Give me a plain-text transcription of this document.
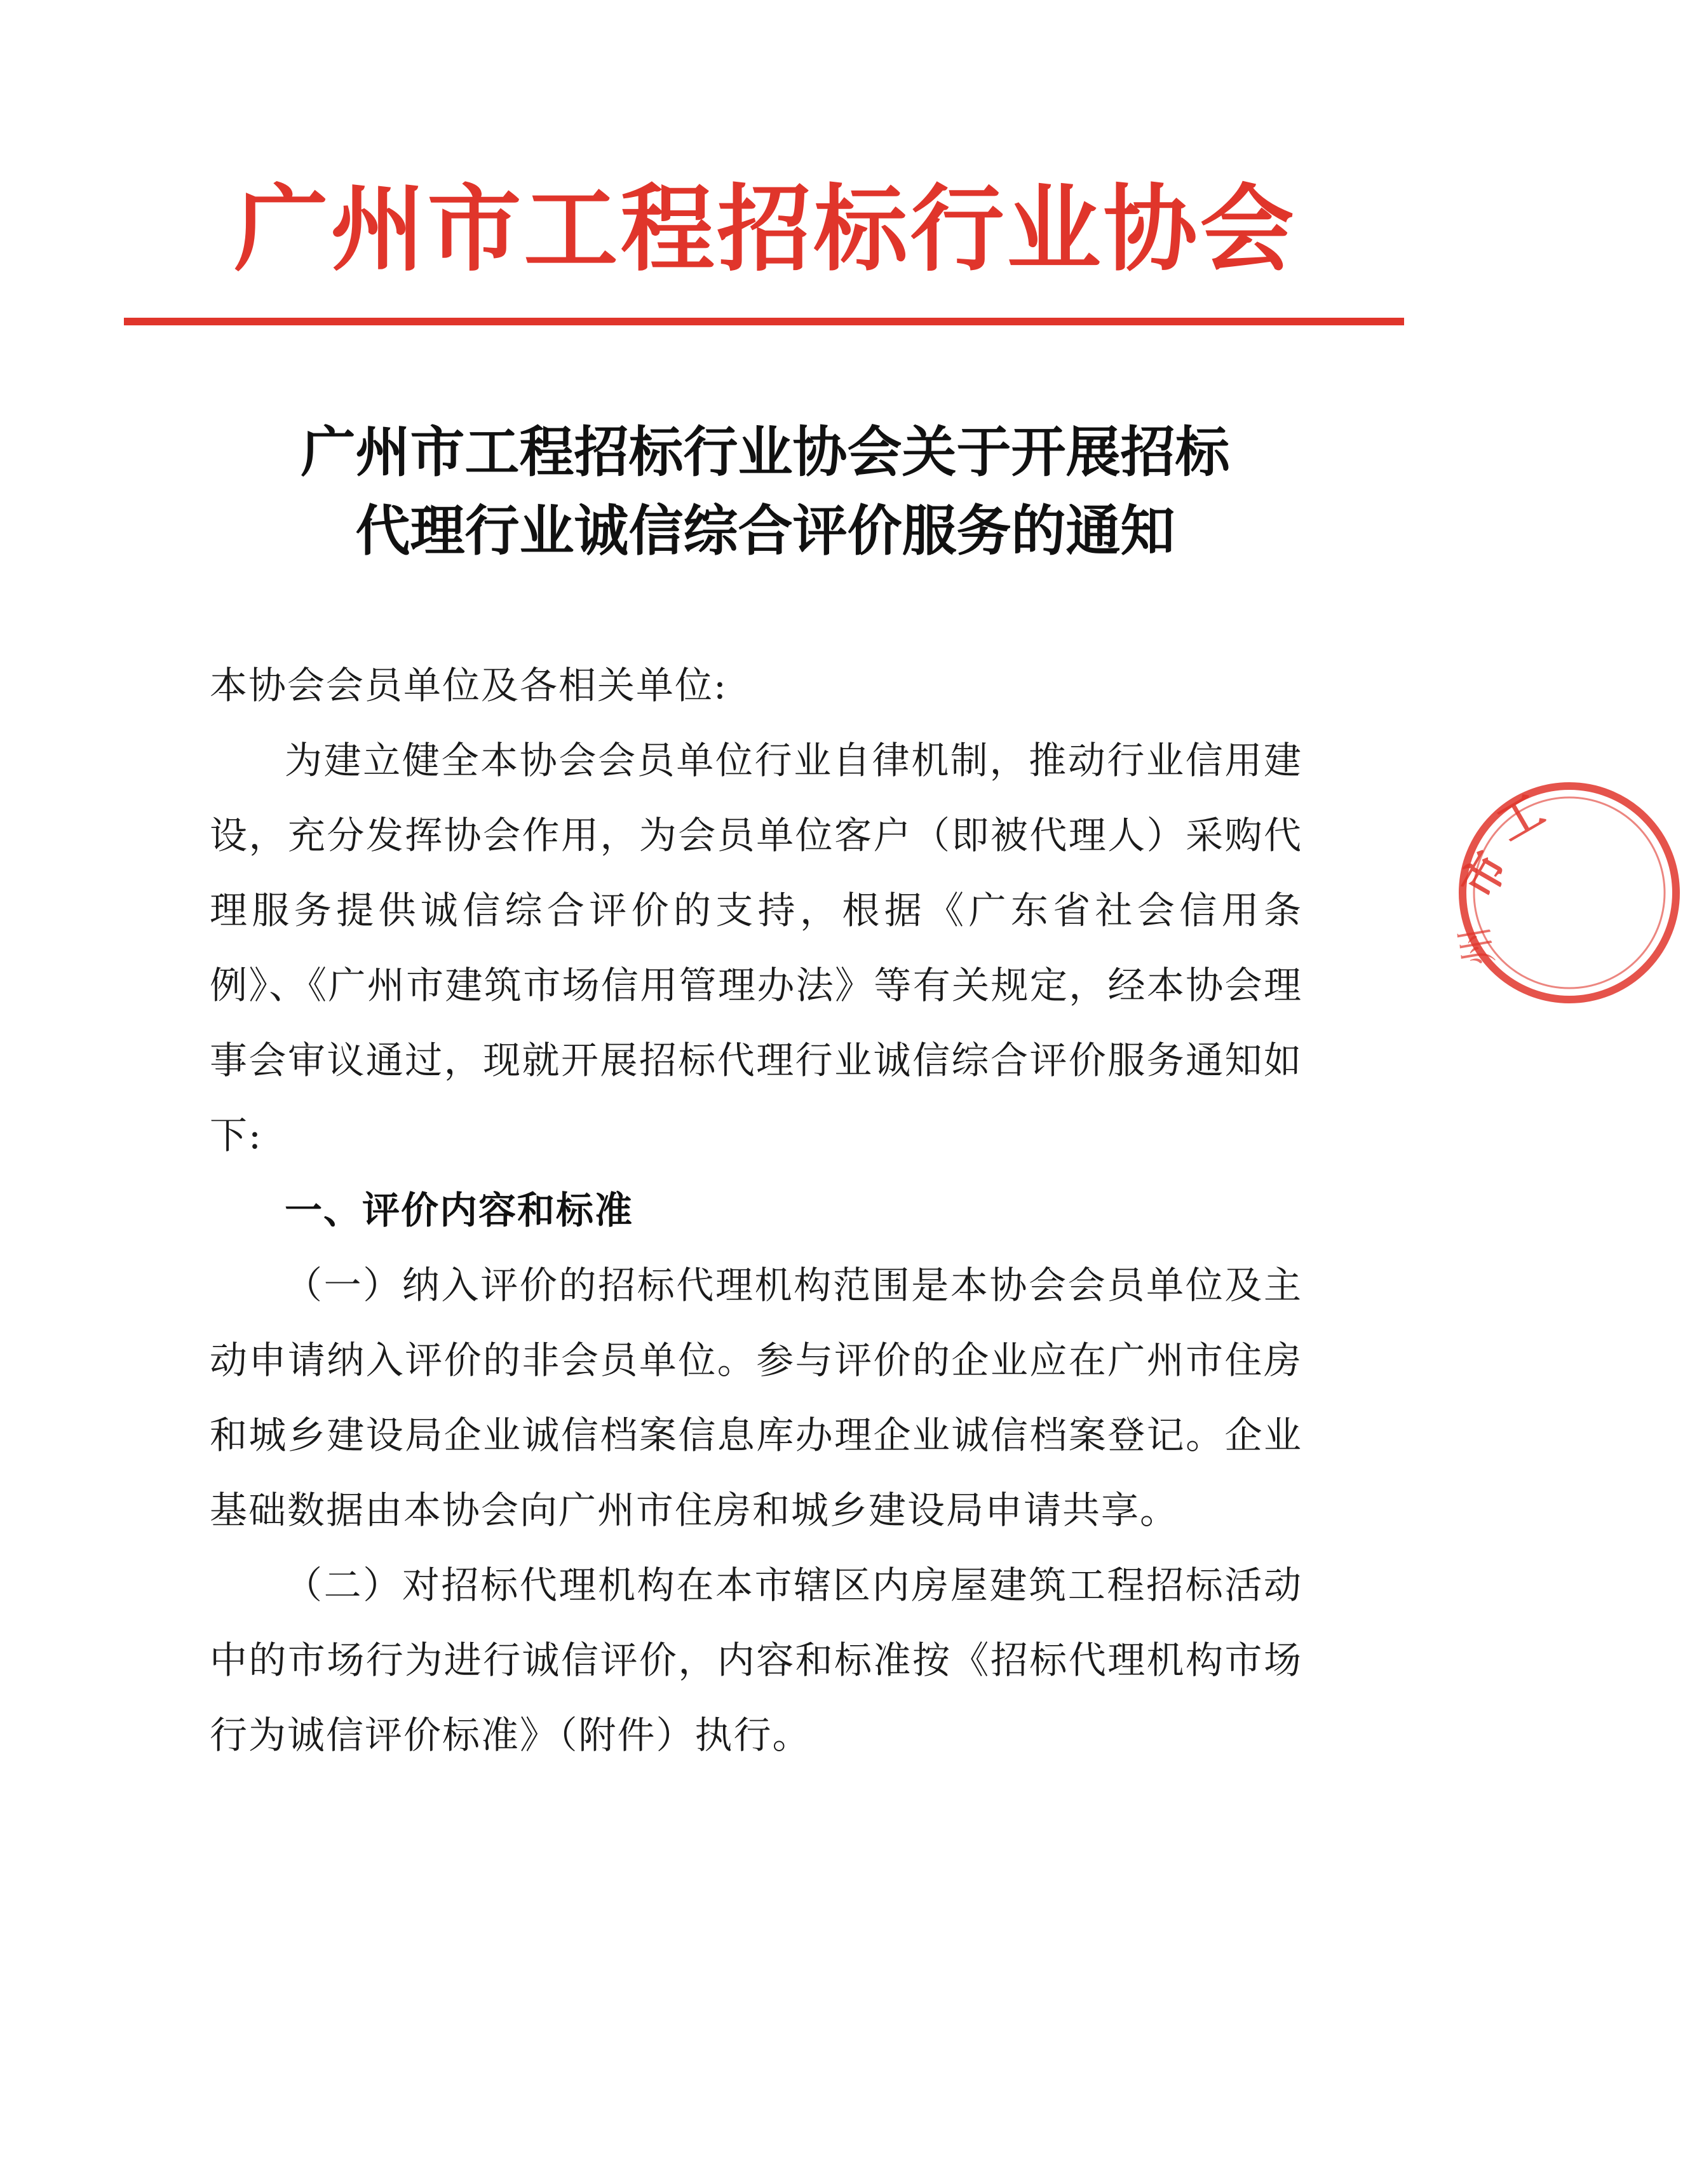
广州市工程招标行业协会
广州市工程招标行业协会关于开展招标
代理行业诚信综合评价服务的通知

本协会会员单位及各相关单位:

为建立健全本协会会员单位行业自律机制，推动行业信用建设，充分发挥协会作用，为会员单位客户（即被代理人）采购代理服务提供诚信综合评价的支持，根据《广东省社会信用条例》、《广州市建筑市场信用管理办法》等有关规定，经本协会理事会审议通过，现就开展招标代理行业诚信综合评价服务通知如下:

一、评价内容和标准

（一）纳入评价的招标代理机构范围是本协会会员单位及主动申请纳入评价的非会员单位。参与评价的企业应在广州市住房和城乡建设局企业诚信档案信息库办理企业诚信档案登记。企业基础数据由本协会向广州市住房和城乡建设局申请共享。

（二）对招标代理机构在本市辖区内房屋建筑工程招标活动中的市场行为进行诚信评价，内容和标准按《招标代理机构市场行为诚信评价标准》（附件）执行。

市
工
州
